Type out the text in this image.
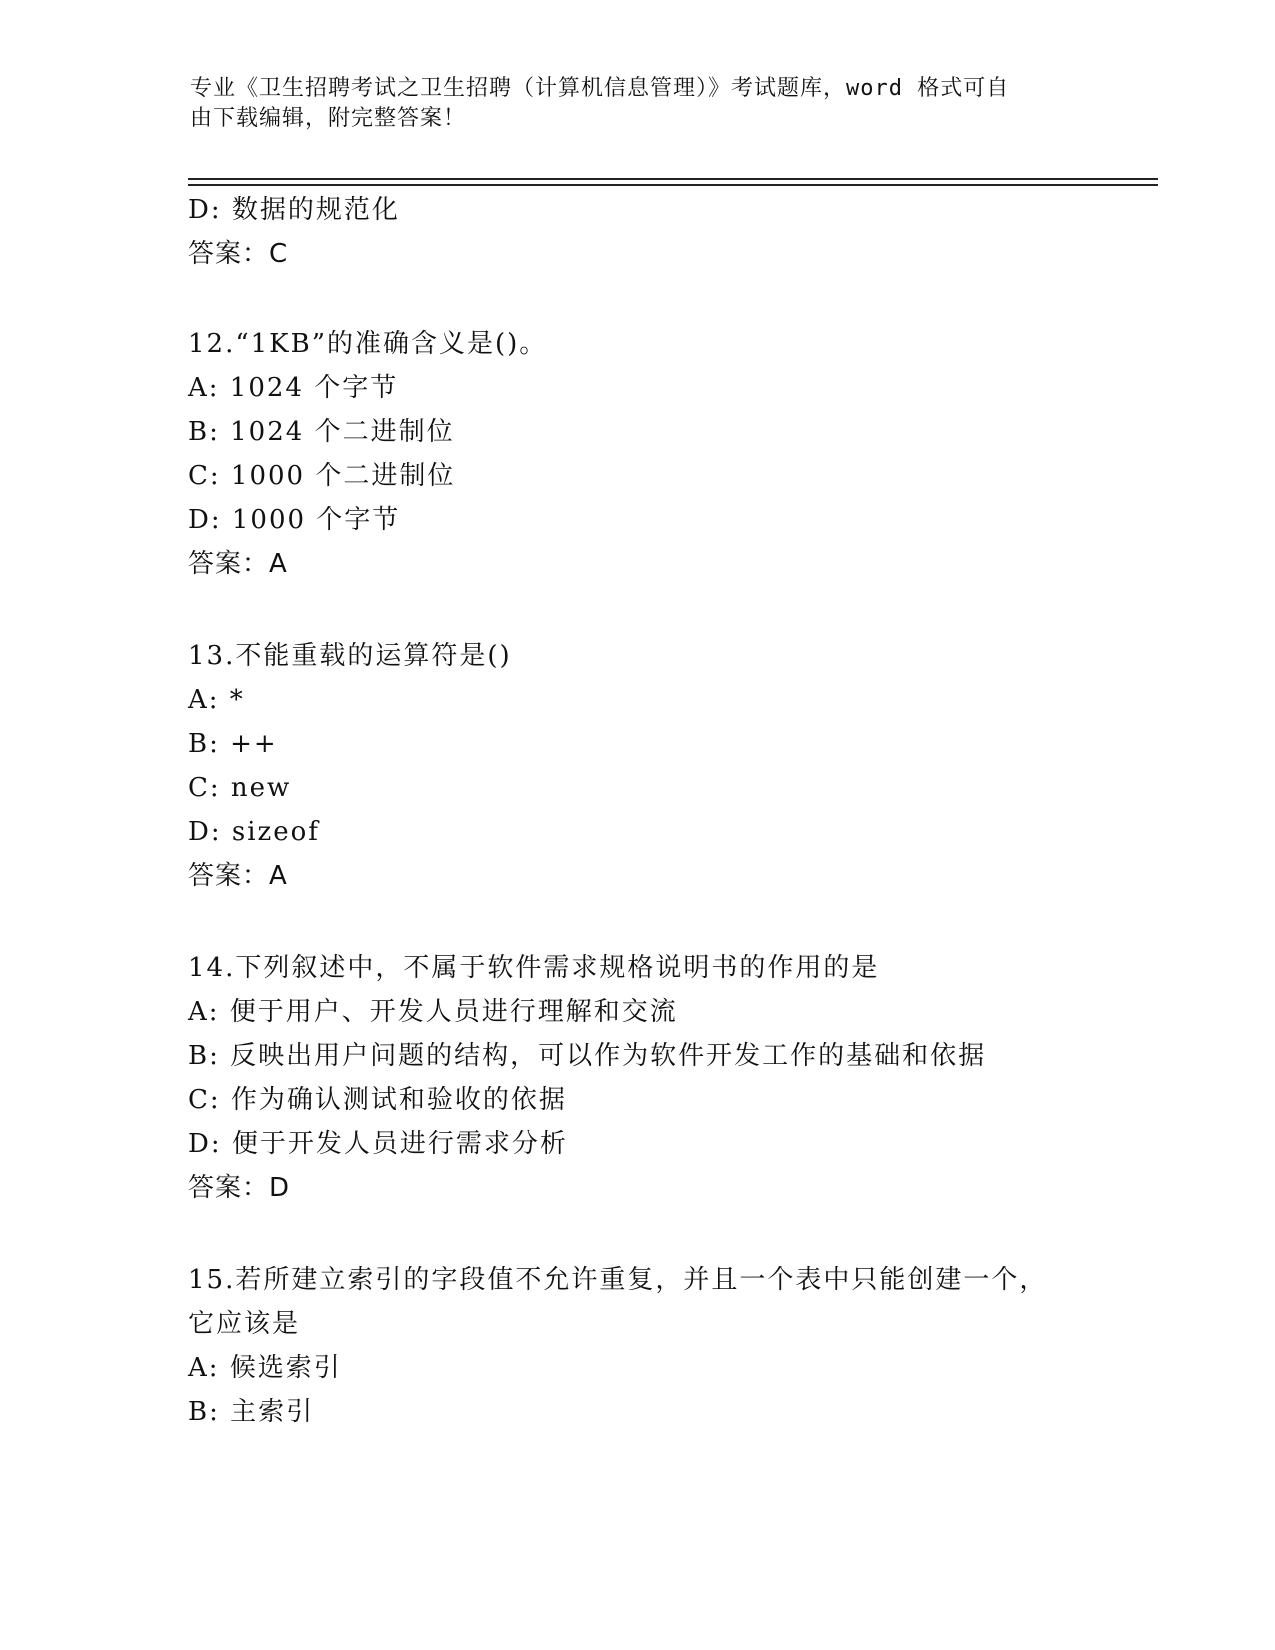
专业《卫生招聘考试之卫生招聘（计算机信息管理）》考试题库，word 格式可自
由下载编辑，附完整答案！
D: 数据的规范化
答案：C
12.“1KB”的准确含义是()。
A: 1024 个字节
B: 1024 个二进制位
C: 1000 个二进制位
D: 1000 个字节
答案：A
13.不能重载的运算符是()
A: *
B: ++
C: new
D: sizeof
答案：A
14.下列叙述中，不属于软件需求规格说明书的作用的是
A: 便于用户、开发人员进行理解和交流
B: 反映出用户问题的结构，可以作为软件开发工作的基础和依据
C: 作为确认测试和验收的依据
D: 便于开发人员进行需求分析
答案：D
15.若所建立索引的字段值不允许重复，并且一个表中只能创建一个，
它应该是
A: 候选索引
B: 主索引
